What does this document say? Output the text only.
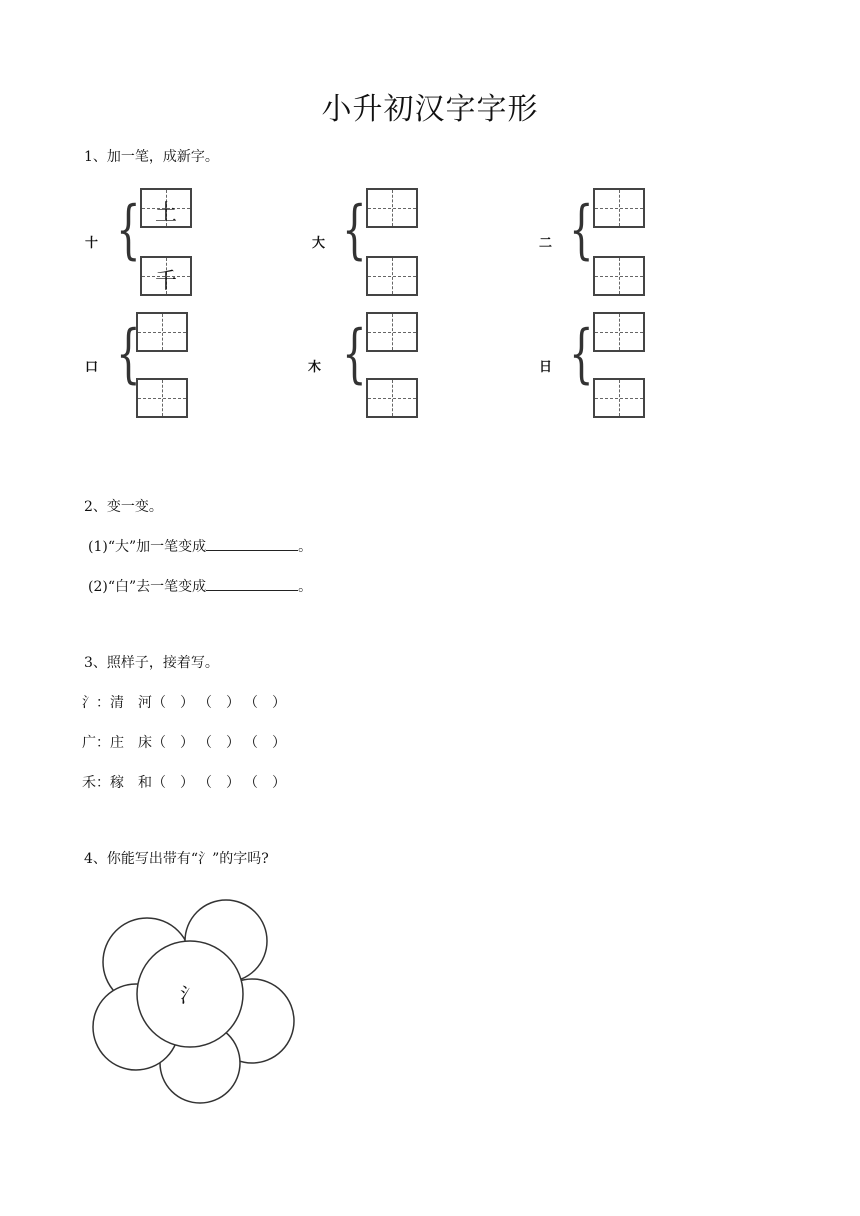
小升初汉字字形
1、加一笔，成新字。
十 { 土
千
大 {	二 {
口 {	木 {	日 {
2、变一变。
(1)“大”加一笔变成	。
(2)“白”去一笔变成	。
3、照样子，接着写。
氵：清　河（　） （　） （　）
广：庄　床（　） （　） （　）
禾：稼　和（　） （　） （　）
4、你能写出带有“氵”的字吗?
氵
